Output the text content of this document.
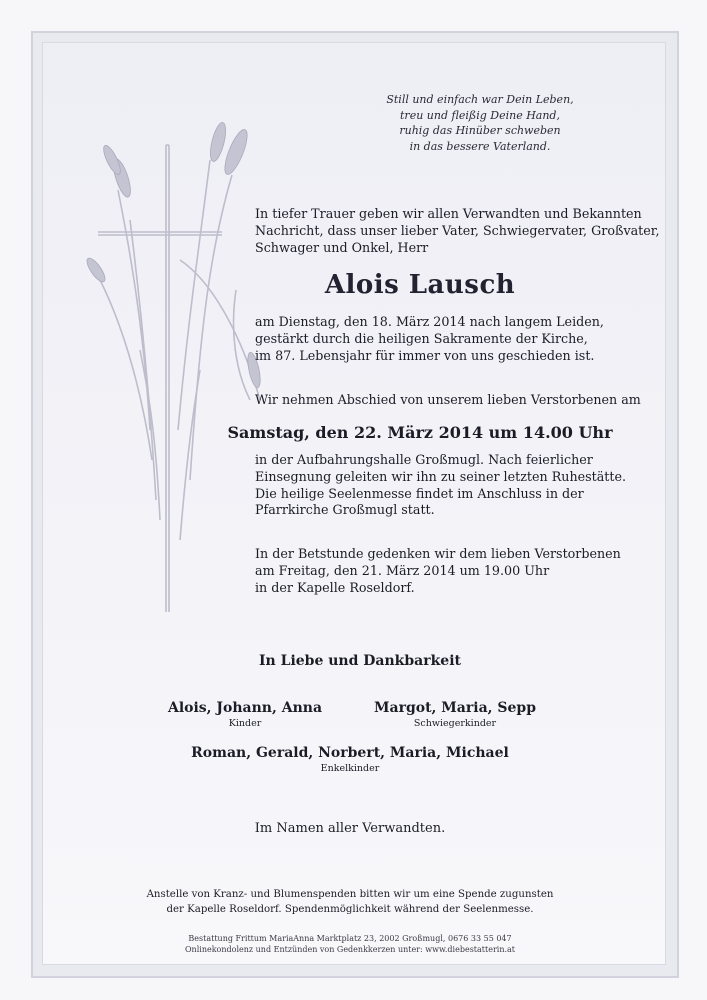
Still und einfach war Dein Leben,
treu und fleißig Deine Hand,
ruhig das Hinüber schweben
in das bessere Vaterland.
In tiefer Trauer geben wir allen Verwandten und Bekannten
Nachricht, dass unser lieber Vater, Schwiegervater, Großvater,
Schwager und Onkel, Herr
Alois Lausch
am Dienstag, den 18. März 2014 nach langem Leiden,
gestärkt durch die heiligen Sakramente der Kirche,
im 87. Lebensjahr für immer von uns geschieden ist.
Wir nehmen Abschied von unserem lieben Verstorbenen am
Samstag, den 22. März 2014 um 14.00 Uhr
in der Aufbahrungshalle Großmugl. Nach feierlicher
Einsegnung geleiten wir ihn zu seiner letzten Ruhestätte.
Die heilige Seelenmesse findet im Anschluss in der
Pfarrkirche Großmugl statt.
In der Betstunde gedenken wir dem lieben Verstorbenen
am Freitag, den 21. März 2014 um 19.00 Uhr
in der Kapelle Roseldorf.
In Liebe und Dankbarkeit
Alois, Johann, Anna
Kinder
Margot, Maria, Sepp
Schwiegerkinder
Roman, Gerald, Norbert, Maria, Michael
Enkelkinder
Im Namen aller Verwandten.
Anstelle von Kranz- und Blumenspenden bitten wir um eine Spende zugunsten
der Kapelle Roseldorf. Spendenmöglichkeit während der Seelenmesse.
Bestattung Frittum MariaAnna Marktplatz 23, 2002 Großmugl, 0676 33 55 047
Onlinekondolenz und Entzünden von Gedenkkerzen unter: www.diebestatterin.at
